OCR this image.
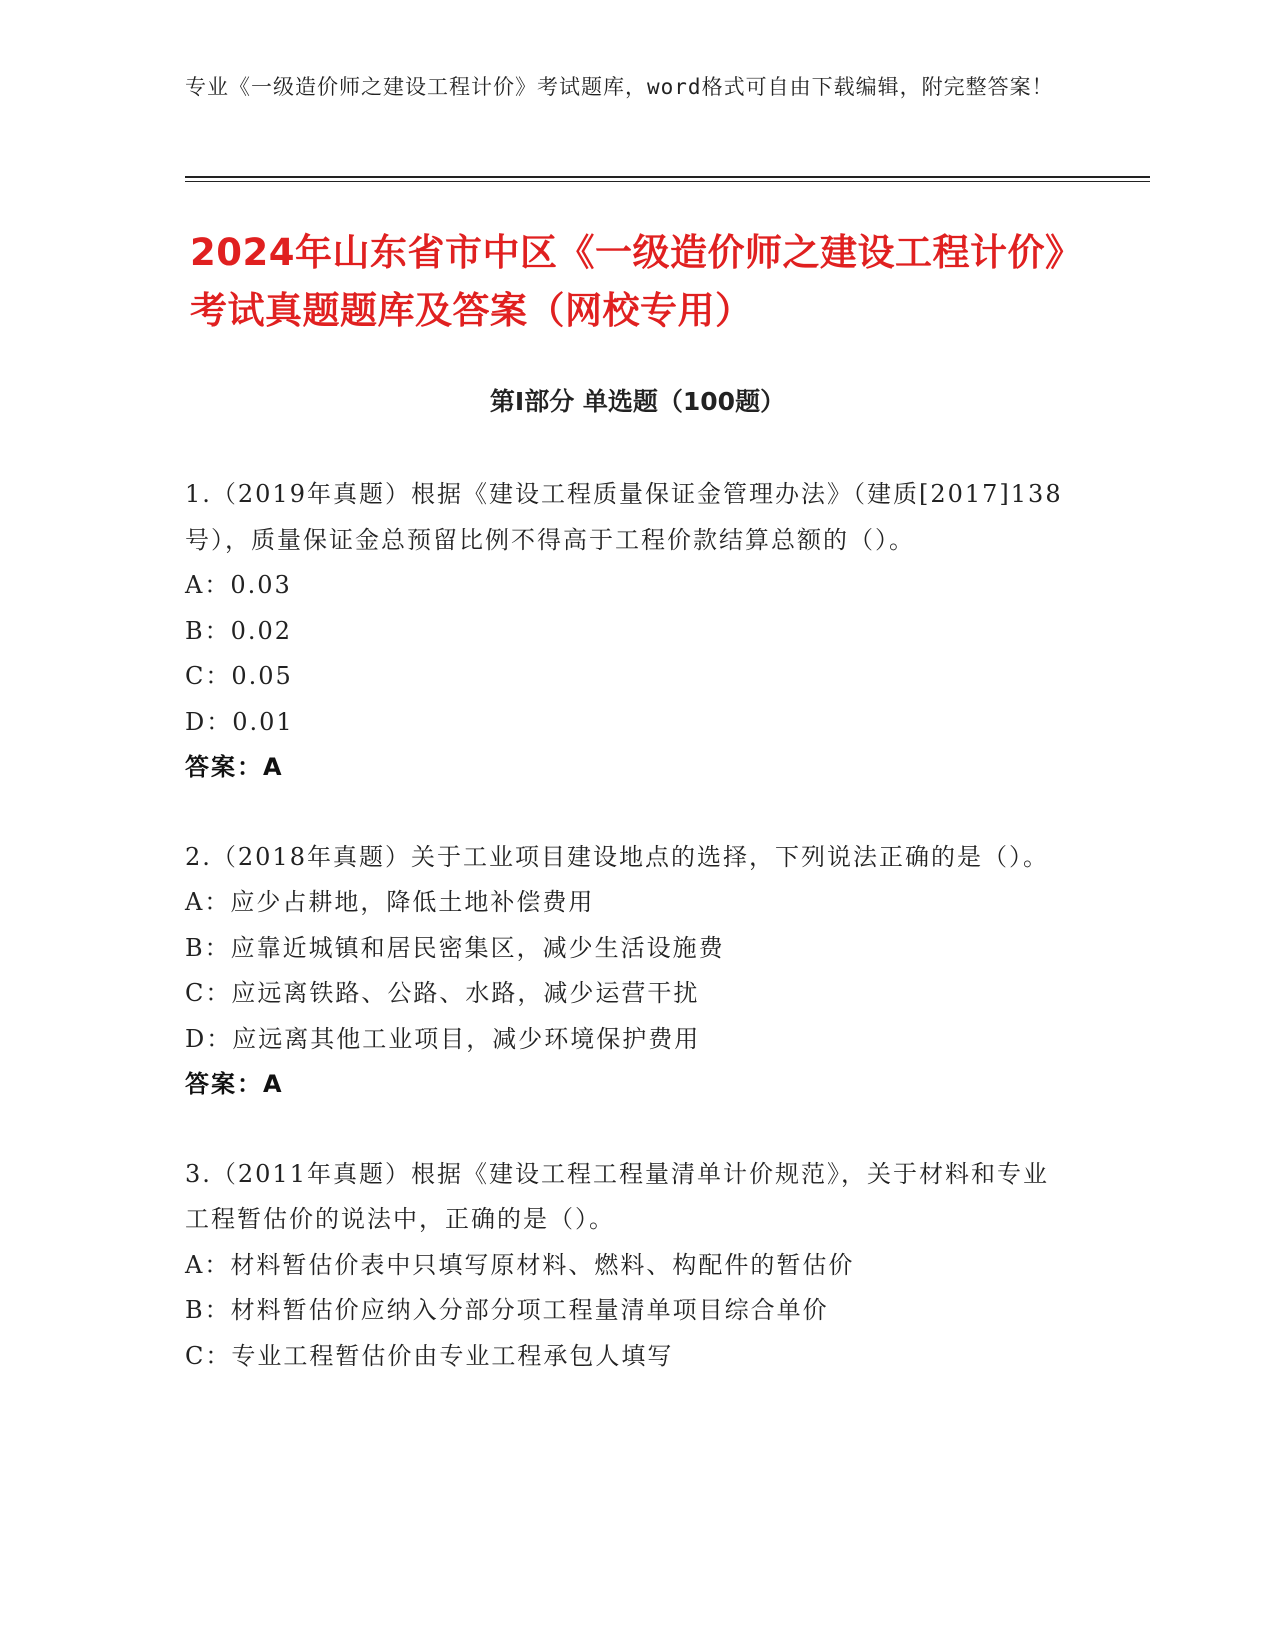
专业《一级造价师之建设工程计价》考试题库，word格式可自由下载编辑，附完整答案！
2024年山东省市中区《一级造价师之建设工程计价》考试真题题库及答案（网校专用）
第Ⅰ部分 单选题（100题）
1.（2019年真题）根据《建设工程质量保证金管理办法》（建质[2017]138号），质量保证金总预留比例不得高于工程价款结算总额的（）。
A：0.03
B：0.02
C：0.05
D：0.01
答案：A
2.（2018年真题）关于工业项目建设地点的选择，下列说法正确的是（）。
A：应少占耕地，降低土地补偿费用
B：应靠近城镇和居民密集区，减少生活设施费
C：应远离铁路、公路、水路，减少运营干扰
D：应远离其他工业项目，减少环境保护费用
答案：A
3.（2011年真题）根据《建设工程工程量清单计价规范》，关于材料和专业工程暂估价的说法中，正确的是（）。
A：材料暂估价表中只填写原材料、燃料、构配件的暂估价
B：材料暂估价应纳入分部分项工程量清单项目综合单价
C：专业工程暂估价由专业工程承包人填写
